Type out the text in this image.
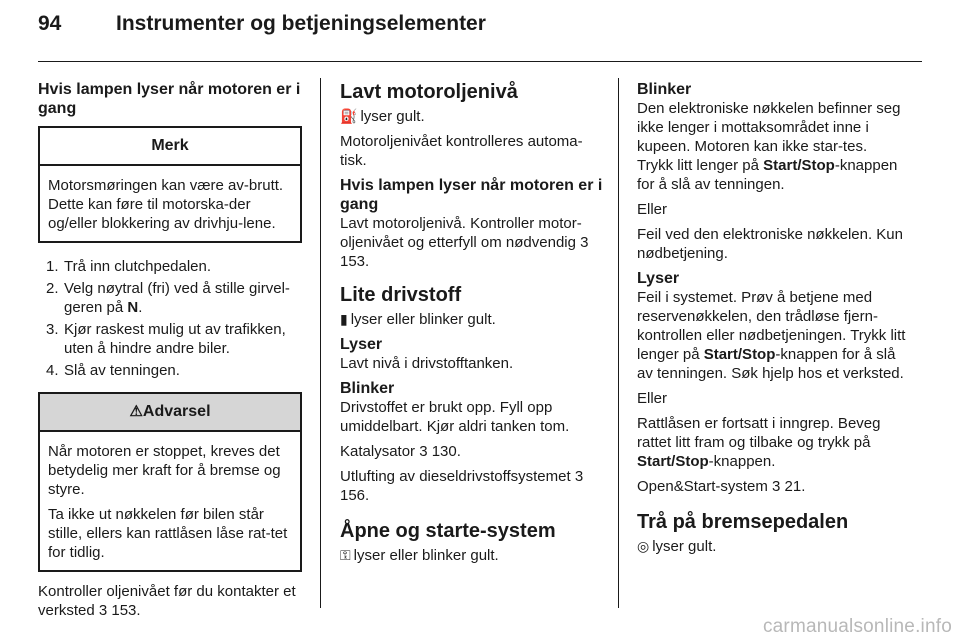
94	Instrumenter og betjeningselementer
Hvis lampen lyser når motoren er i gang
Merk

Motorsmøringen kan være av-brutt. Dette kan føre til motorska-der og/eller blokkering av drivhju-lene.

1. Trå inn clutchpedalen.
2. Velg nøytral (fri) ved å stille girvel-geren på N.
3. Kjør raskest mulig ut av trafikken, uten å hindre andre biler.
4. Slå av tenningen.
⚠Advarsel

Når motoren er stoppet, kreves det betydelig mer kraft for å bremse og styre.

Ta ikke ut nøkkelen før bilen står stille, ellers kan rattlåsen låse rat-tet for tidlig.

Kontroller oljenivået før du kontakter et verksted 3 153.

Lavt motoroljenivå

⛽ lyser gult.

Motoroljenivået kontrolleres automa-tisk.

Hvis lampen lyser når motoren er i gang

Lavt motoroljenivå. Kontroller motor-oljenivået og etterfyll om nødvendig 3 153.

Lite drivstoff

▮ lyser eller blinker gult.

Lyser

Lavt nivå i drivstofftanken.

Blinker

Drivstoffet er brukt opp. Fyll opp umiddelbart. Kjør aldri tanken tom.

Katalysator 3 130.

Utlufting av dieseldrivstoffsystemet 3 156.

Åpne og starte-system

⚿ lyser eller blinker gult.

Blinker

Den elektroniske nøkkelen befinner seg ikke lenger i mottaksområdet inne i kupeen. Motoren kan ikke star-tes. Trykk litt lenger på Start/Stop-knappen for å slå av tenningen.

Eller

Feil ved den elektroniske nøkkelen. Kun nødbetjening.

Lyser

Feil i systemet. Prøv å betjene med reservenøkkelen, den trådløse fjern-kontrollen eller nødbetjeningen. Trykk litt lenger på Start/Stop-knappen for å slå av tenningen. Søk hjelp hos et verksted.

Eller

Rattlåsen er fortsatt i inngrep. Beveg rattet litt fram og tilbake og trykk på Start/Stop-knappen.

Open&Start-system 3 21.

Trå på bremsepedalen

◎ lyser gult.

carmanualsonline.info
